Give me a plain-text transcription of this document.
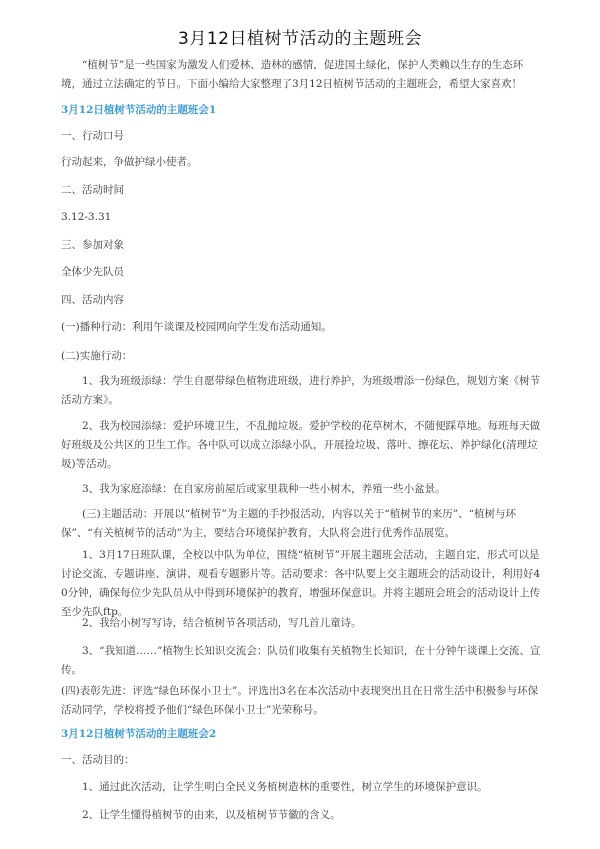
3月12日植树节活动的主题班会
“植树节”是一些国家为激发人们爱林、造林的感情，促进国土绿化，保护人类赖以生存的生态环境，通过立法确定的节日。下面小编给大家整理了3月12日植树节活动的主题班会，希望大家喜欢！
3月12日植树节活动的主题班会1
一、行动口号
行动起来，争做护绿小使者。
二、活动时间
3.12-3.31
三、参加对象
全体少先队员
四、活动内容
(一)播种行动：利用午谈课及校园网向学生发布活动通知。
(二)实施行动：
1、我为班级添绿：学生自愿带绿色植物进班级，进行养护，为班级增添一份绿色，规划方案《树节活动方案》。
2、我为校园添绿：爱护环境卫生，不乱抛垃圾。爱护学校的花草树木，不随便踩草地。每班每天做好班级及公共区的卫生工作。各中队可以成立添绿小队，开展捡垃圾、落叶、擦花坛、养护绿化(清理垃圾)等活动。
3、我为家庭添绿：在自家房前屋后或家里栽种一些小树木，养殖一些小盆景。
(三)主题活动：开展以“植树节”为主题的手抄报活动，内容以关于“植树节的来历”、“植树与环保”、“有关植树节的活动”为主，要结合环境保护教育，大队将会进行优秀作品展览。
1、3月17日班队课，全校以中队为单位，围绕“植树节”开展主题班会活动，主题自定，形式可以是讨论交流、专题讲座、演讲、观看专题影片等。活动要求：各中队要上交主题班会的活动设计，利用好40分钟，确保每位少先队员从中得到环境保护的教育，增强环保意识。并将主题班会班会的活动设计上传至少先队ftp。
2、我给小树写写诗，结合植树节各项活动，写几首儿童诗。
3、“我知道……”植物生长知识交流会：队员们收集有关植物生长知识，在十分钟午谈课上交流、宣传。
(四)表彰先进：评选“绿色环保小卫士”。评选出3名在本次活动中表现突出且在日常生活中积极参与环保活动同学，学校将授予他们“绿色环保小卫士”光荣称号。
3月12日植树节活动的主题班会2
一、活动目的：
1、通过此次活动，让学生明白全民义务植树造林的重要性，树立学生的环境保护意识。
2、让学生懂得植树节的由来，以及植树节节徽的含义。
